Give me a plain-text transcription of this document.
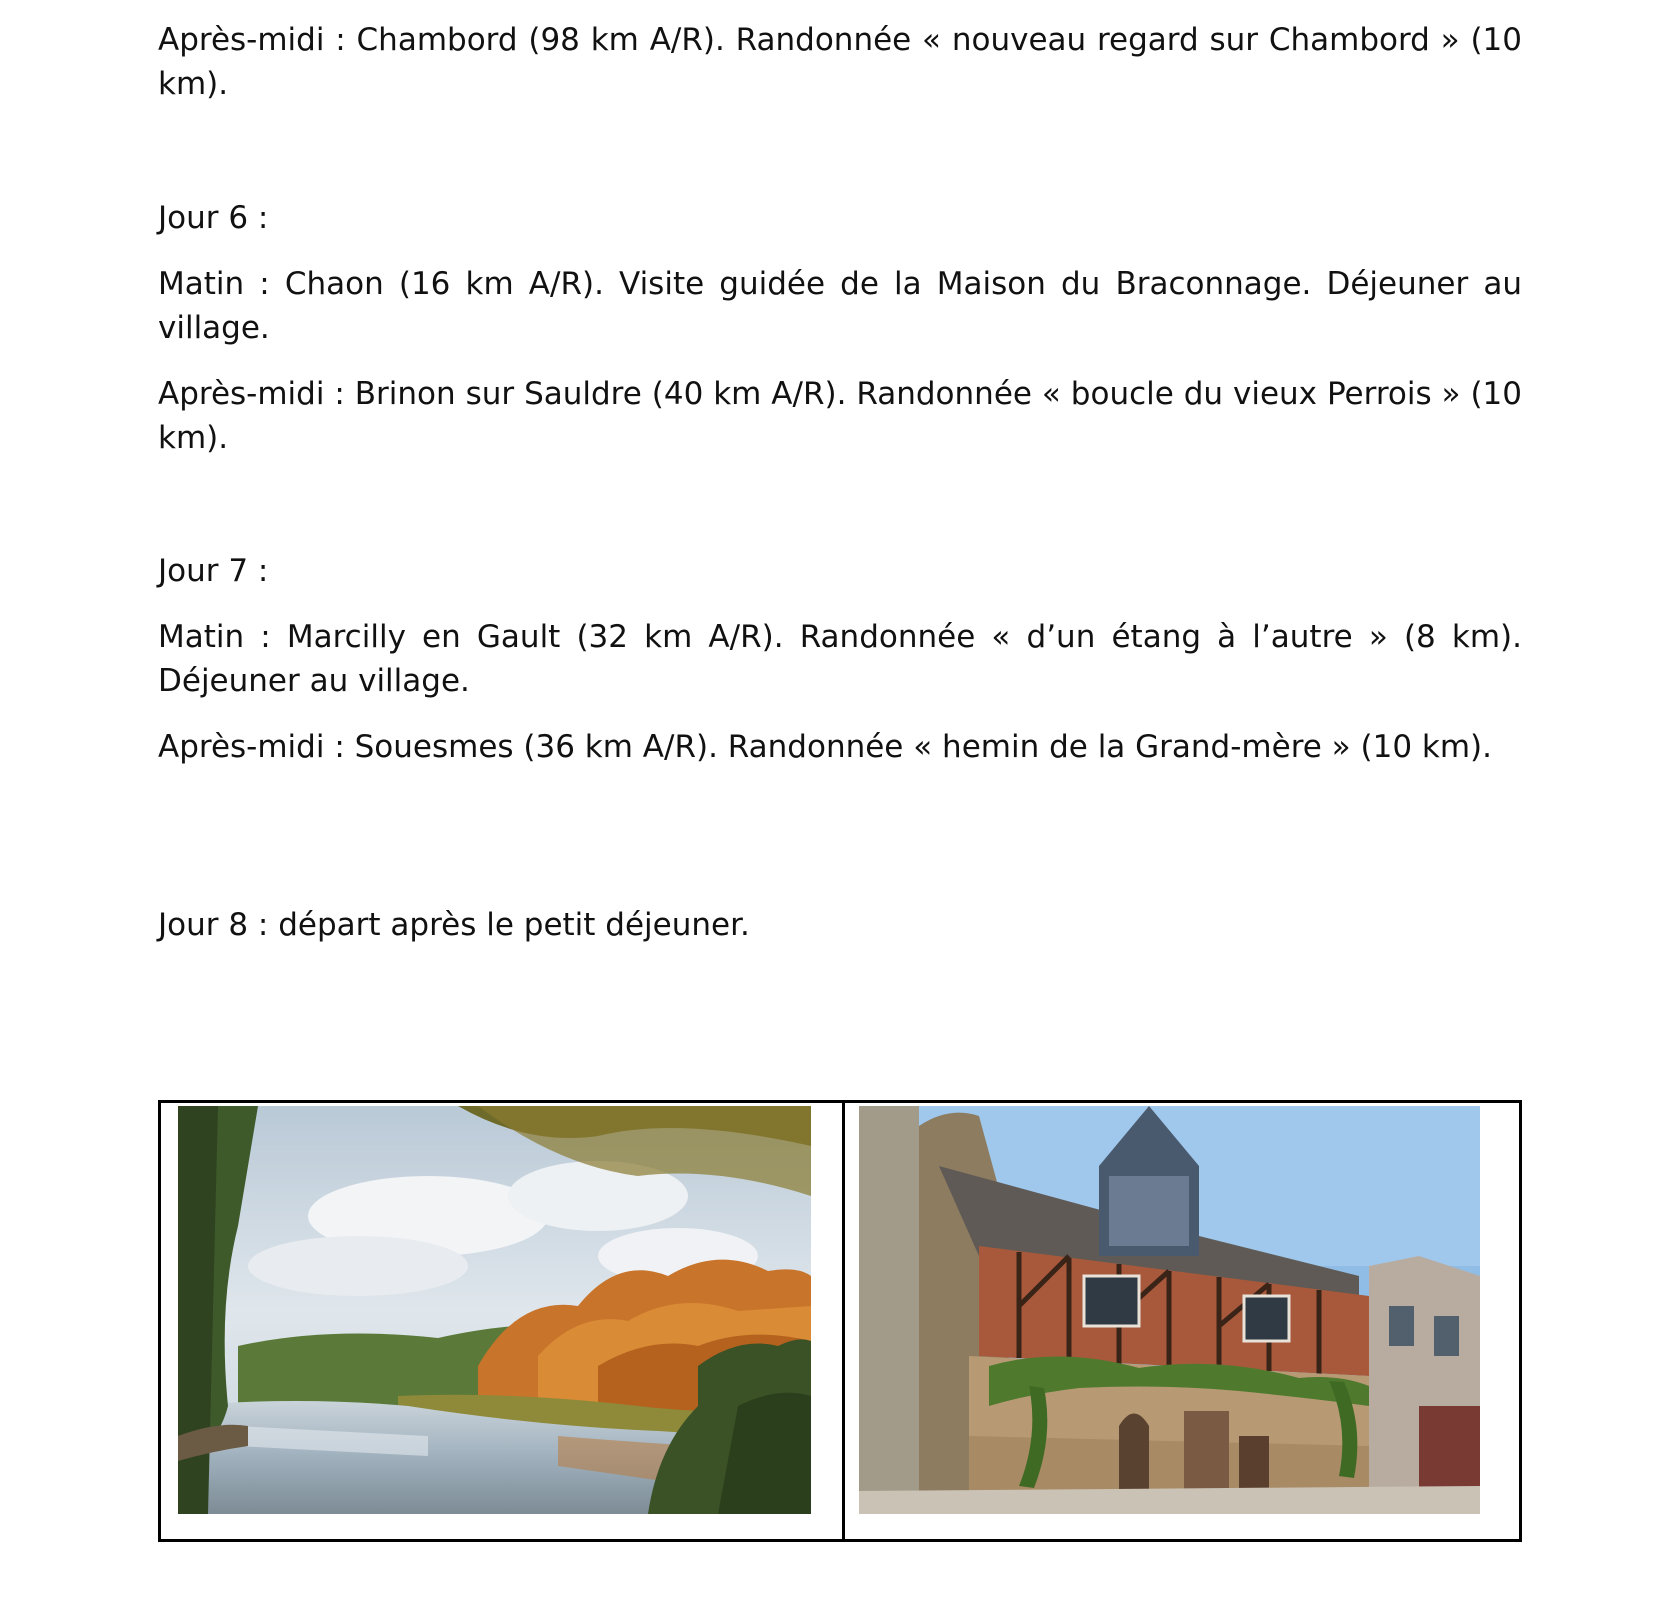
Après-midi : Chambord (98 km A/R). Randonnée « nouveau regard sur Chambord » (10 km).

Jour 6 :

Matin : Chaon (16 km A/R). Visite guidée de la Maison du Braconnage. Déjeuner au village.

Après-midi : Brinon sur Sauldre (40 km A/R). Randonnée « boucle du vieux Perrois » (10 km).

Jour 7 :

Matin : Marcilly en Gault (32 km A/R). Randonnée « d’un étang à l’autre » (8 km). Déjeuner au village.

Après-midi : Souesmes (36 km A/R). Randonnée « hemin de la Grand-mère » (10 km).

Jour 8 : départ après le petit déjeuner.
